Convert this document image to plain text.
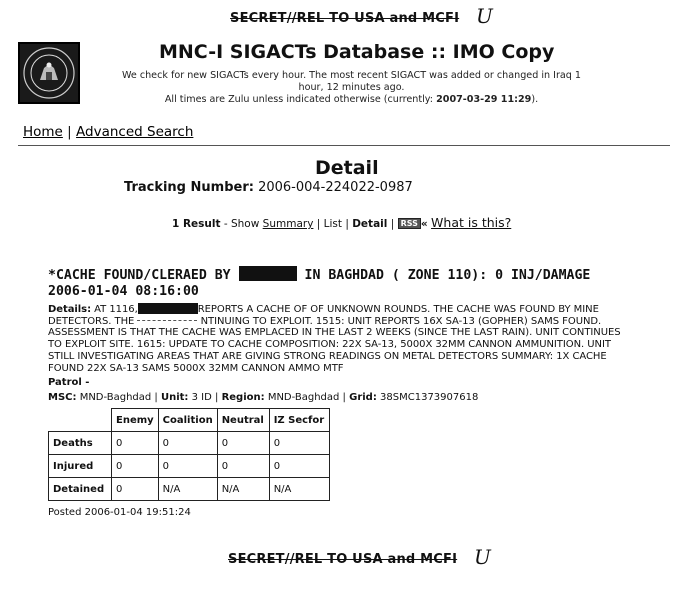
SECRET//REL TO USA and MCFI U
MNC-I SIGACTs Database :: IMO Copy
We check for new SIGACTs every hour. The most recent SIGACT was added or changed in Iraq 1
hour, 12 minutes ago.
All times are Zulu unless indicated otherwise (currently: 2007-03-29 11:29).
Home | Advanced Search
Detail
Tracking Number: 2006-004-224022-0987
1 Result - Show Summary | List | Detail | RSS « What is this?
*CACHE FOUND/CLERAED BY	IN BAGHDAD ( ZONE 110): 0 INJ/DAMAGE
2006-01-04 08:16:00
Details: AT 1116,	REPORTS A CACHE OF OF UNKNOWN ROUNDS. THE CACHE WAS FOUND BY MINE
DETECTORS. THE	NTINUING TO EXPLOIT. 1515: UNIT REPORTS 16X SA-13 (GOPHER) SAMS FOUND.
ASSESSMENT IS THAT THE CACHE WAS EMPLACED IN THE LAST 2 WEEKS (SINCE THE LAST RAIN). UNIT CONTINUES
TO EXPLOIT SITE. 1615: UPDATE TO CACHE COMPOSITION: 22X SA-13, 5000X 32MM CANNON AMMUNITION. UNIT
STILL INVESTIGATING AREAS THAT ARE GIVING STRONG READINGS ON METAL DETECTORS SUMMARY: 1X CACHE
FOUND 22X SA-13 SAMS 5000X 32MM CANNON AMMO MTF
Patrol -
MSC: MND-Baghdad | Unit: 3 ID | Region: MND-Baghdad | Grid: 38SMC1373907618
	Enemy	Coalition	Neutral	IZ Secfor
Deaths	0	0	0	0
Injured	0	0	0	0
Detained	0	N/A	N/A	N/A
Posted 2006-01-04 19:51:24
SECRET//REL TO USA and MCFI U
